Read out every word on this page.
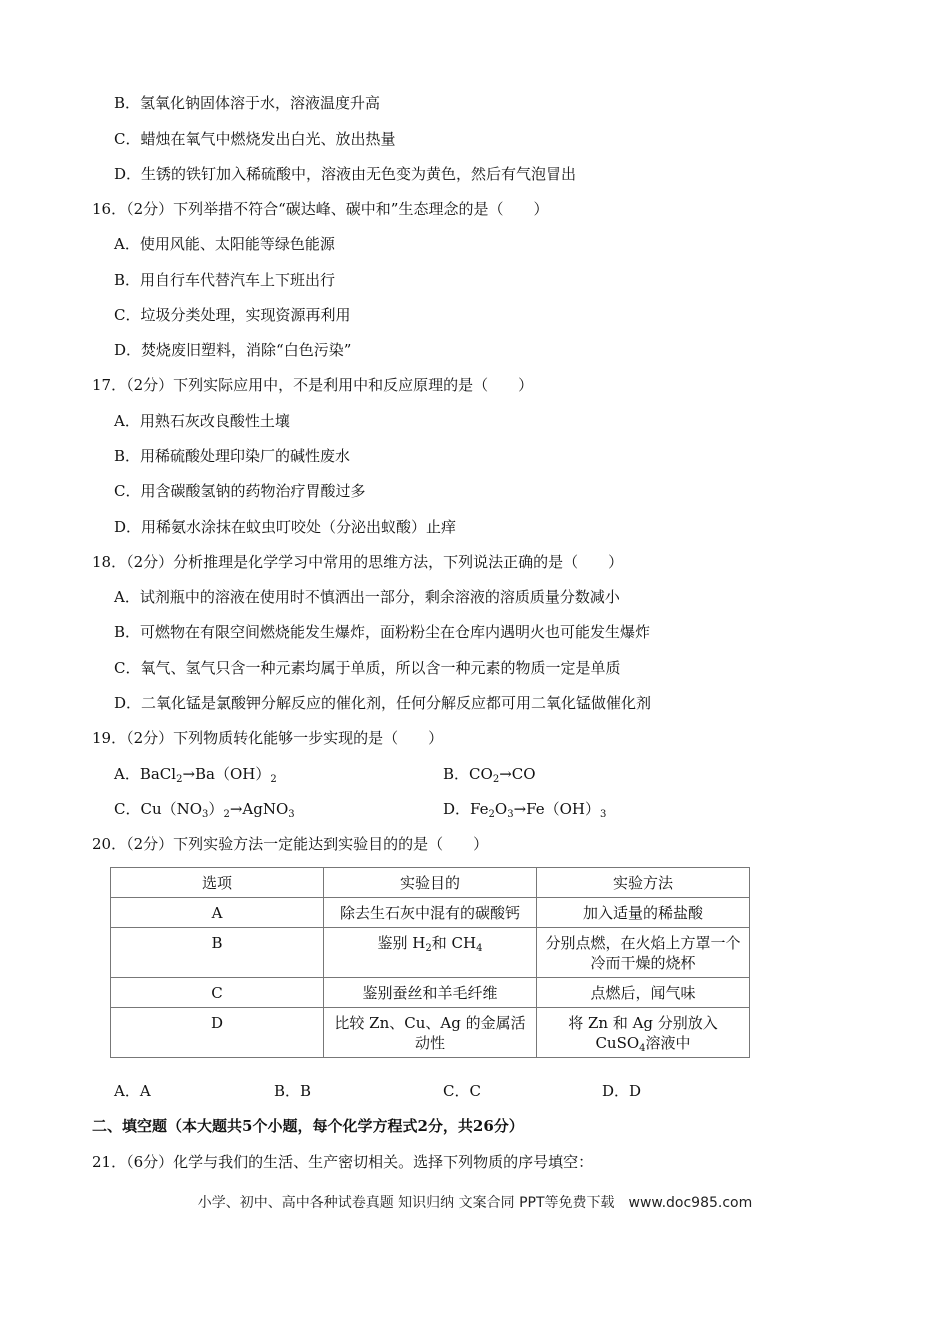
B．氢氧化钠固体溶于水，溶液温度升高
C．蜡烛在氧气中燃烧发出白光、放出热量
D．生锈的铁钉加入稀硫酸中，溶液由无色变为黄色，然后有气泡冒出
16．（2分）下列举措不符合“碳达峰、碳中和”生态理念的是（　　）
A．使用风能、太阳能等绿色能源
B．用自行车代替汽车上下班出行
C．垃圾分类处理，实现资源再利用
D．焚烧废旧塑料，消除“白色污染”
17．（2分）下列实际应用中，不是利用中和反应原理的是（　　）
A．用熟石灰改良酸性土壤
B．用稀硫酸处理印染厂的碱性废水
C．用含碳酸氢钠的药物治疗胃酸过多
D．用稀氨水涂抹在蚊虫叮咬处（分泌出蚁酸）止痒
18．（2分）分析推理是化学学习中常用的思维方法，下列说法正确的是（　　）
A．试剂瓶中的溶液在使用时不慎洒出一部分，剩余溶液的溶质质量分数减小
B．可燃物在有限空间燃烧能发生爆炸，面粉粉尘在仓库内遇明火也可能发生爆炸
C．氧气、氢气只含一种元素均属于单质，所以含一种元素的物质一定是单质
D．二氧化锰是氯酸钾分解反应的催化剂，任何分解反应都可用二氧化锰做催化剂
19．（2分）下列物质转化能够一步实现的是（　　）
A．$BaCl_2\to Ba(OH)_2$	B．$CO_2\to CO$
C．$Cu(NO_3)_2\to AgNO_3$	D．$Fe_2O_3\to Fe(OH)_3$
20．（2分）下列实验方法一定能达到实验目的的是（　　）
选项	实验目的	实验方法
A	除去生石灰中混有的碳酸钙	加入适量的稀盐酸
B	鉴别 $H_2$和 $CH_4$	分别点燃，在火焰上方罩一个冷而干燥的烧杯
C	鉴别蚕丝和羊毛纤维	点燃后，闻气味
D	比较 Zn、Cu、Ag 的金属活动性	将 Zn 和 Ag 分别放入 CuSO$_4$溶液中
A．A	B．B	C．C	D．D
二、填空题（本大题共5个小题，每个化学方程式2分，共26分）
21．（6分）化学与我们的生活、生产密切相关。选择下列物质的序号填空：
小学、初中、高中各种试卷真题 知识归纳 文案合同 PPT等免费下载　www.doc985.com
